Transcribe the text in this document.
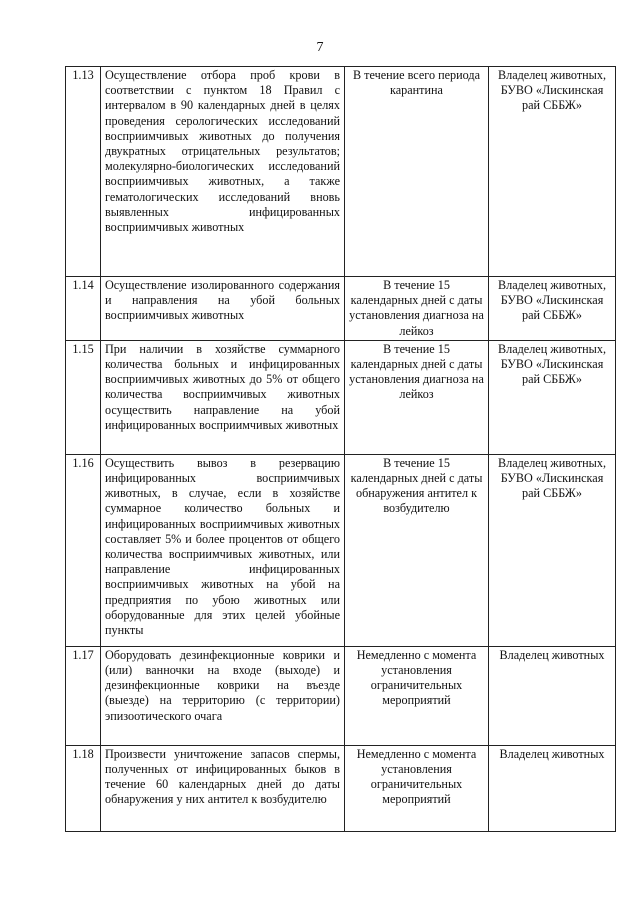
7
1.13	Осуществление отбора проб крови в соответствии с пунктом 18 Правил с интервалом в 90 календарных дней в целях проведения серологических исследований восприимчивых животных до получения двукратных отрицательных результатов; молекулярно-биологических исследований восприимчивых животных, а также гематологических исследований вновь выявленных инфицированных восприимчивых животных	В течение всего периода карантина	Владелец животных, БУВО «Лискинская рай СББЖ»
1.14	Осуществление изолированного содержания и направления на убой больных восприимчивых животных	В течение 15 календарных дней с даты установления диагноза на лейкоз	Владелец животных, БУВО «Лискинская рай СББЖ»
1.15	При наличии в хозяйстве суммарного количества больных и инфицированных восприимчивых животных до 5% от общего количества восприимчивых животных осуществить направление на убой инфицированных восприимчивых животных	В течение 15 календарных дней с даты установления диагноза на лейкоз	Владелец животных, БУВО «Лискинская рай СББЖ»
1.16	Осуществить вывоз в резервацию инфицированных восприимчивых животных, в случае, если в хозяйстве суммарное количество больных и инфицированных восприимчивых животных составляет 5% и более процентов от общего количества восприимчивых животных, или направление инфицированных восприимчивых животных на убой на предприятия по убою животных или оборудованные для этих целей убойные пункты	В течение 15 календарных дней с даты обнаружения антител к возбудителю	Владелец животных, БУВО «Лискинская рай СББЖ»
1.17	Оборудовать дезинфекционные коврики и (или) ванночки на входе (выходе) и дезинфекционные коврики на въезде (выезде) на территорию (с территории) эпизоотического очага	Немедленно с момента установления ограничительных мероприятий	Владелец животных
1.18	Произвести уничтожение запасов спермы, полученных от инфицированных быков в течение 60 календарных дней до даты обнаружения у них антител к возбудителю	Немедленно с момента установления ограничительных мероприятий	Владелец животных
